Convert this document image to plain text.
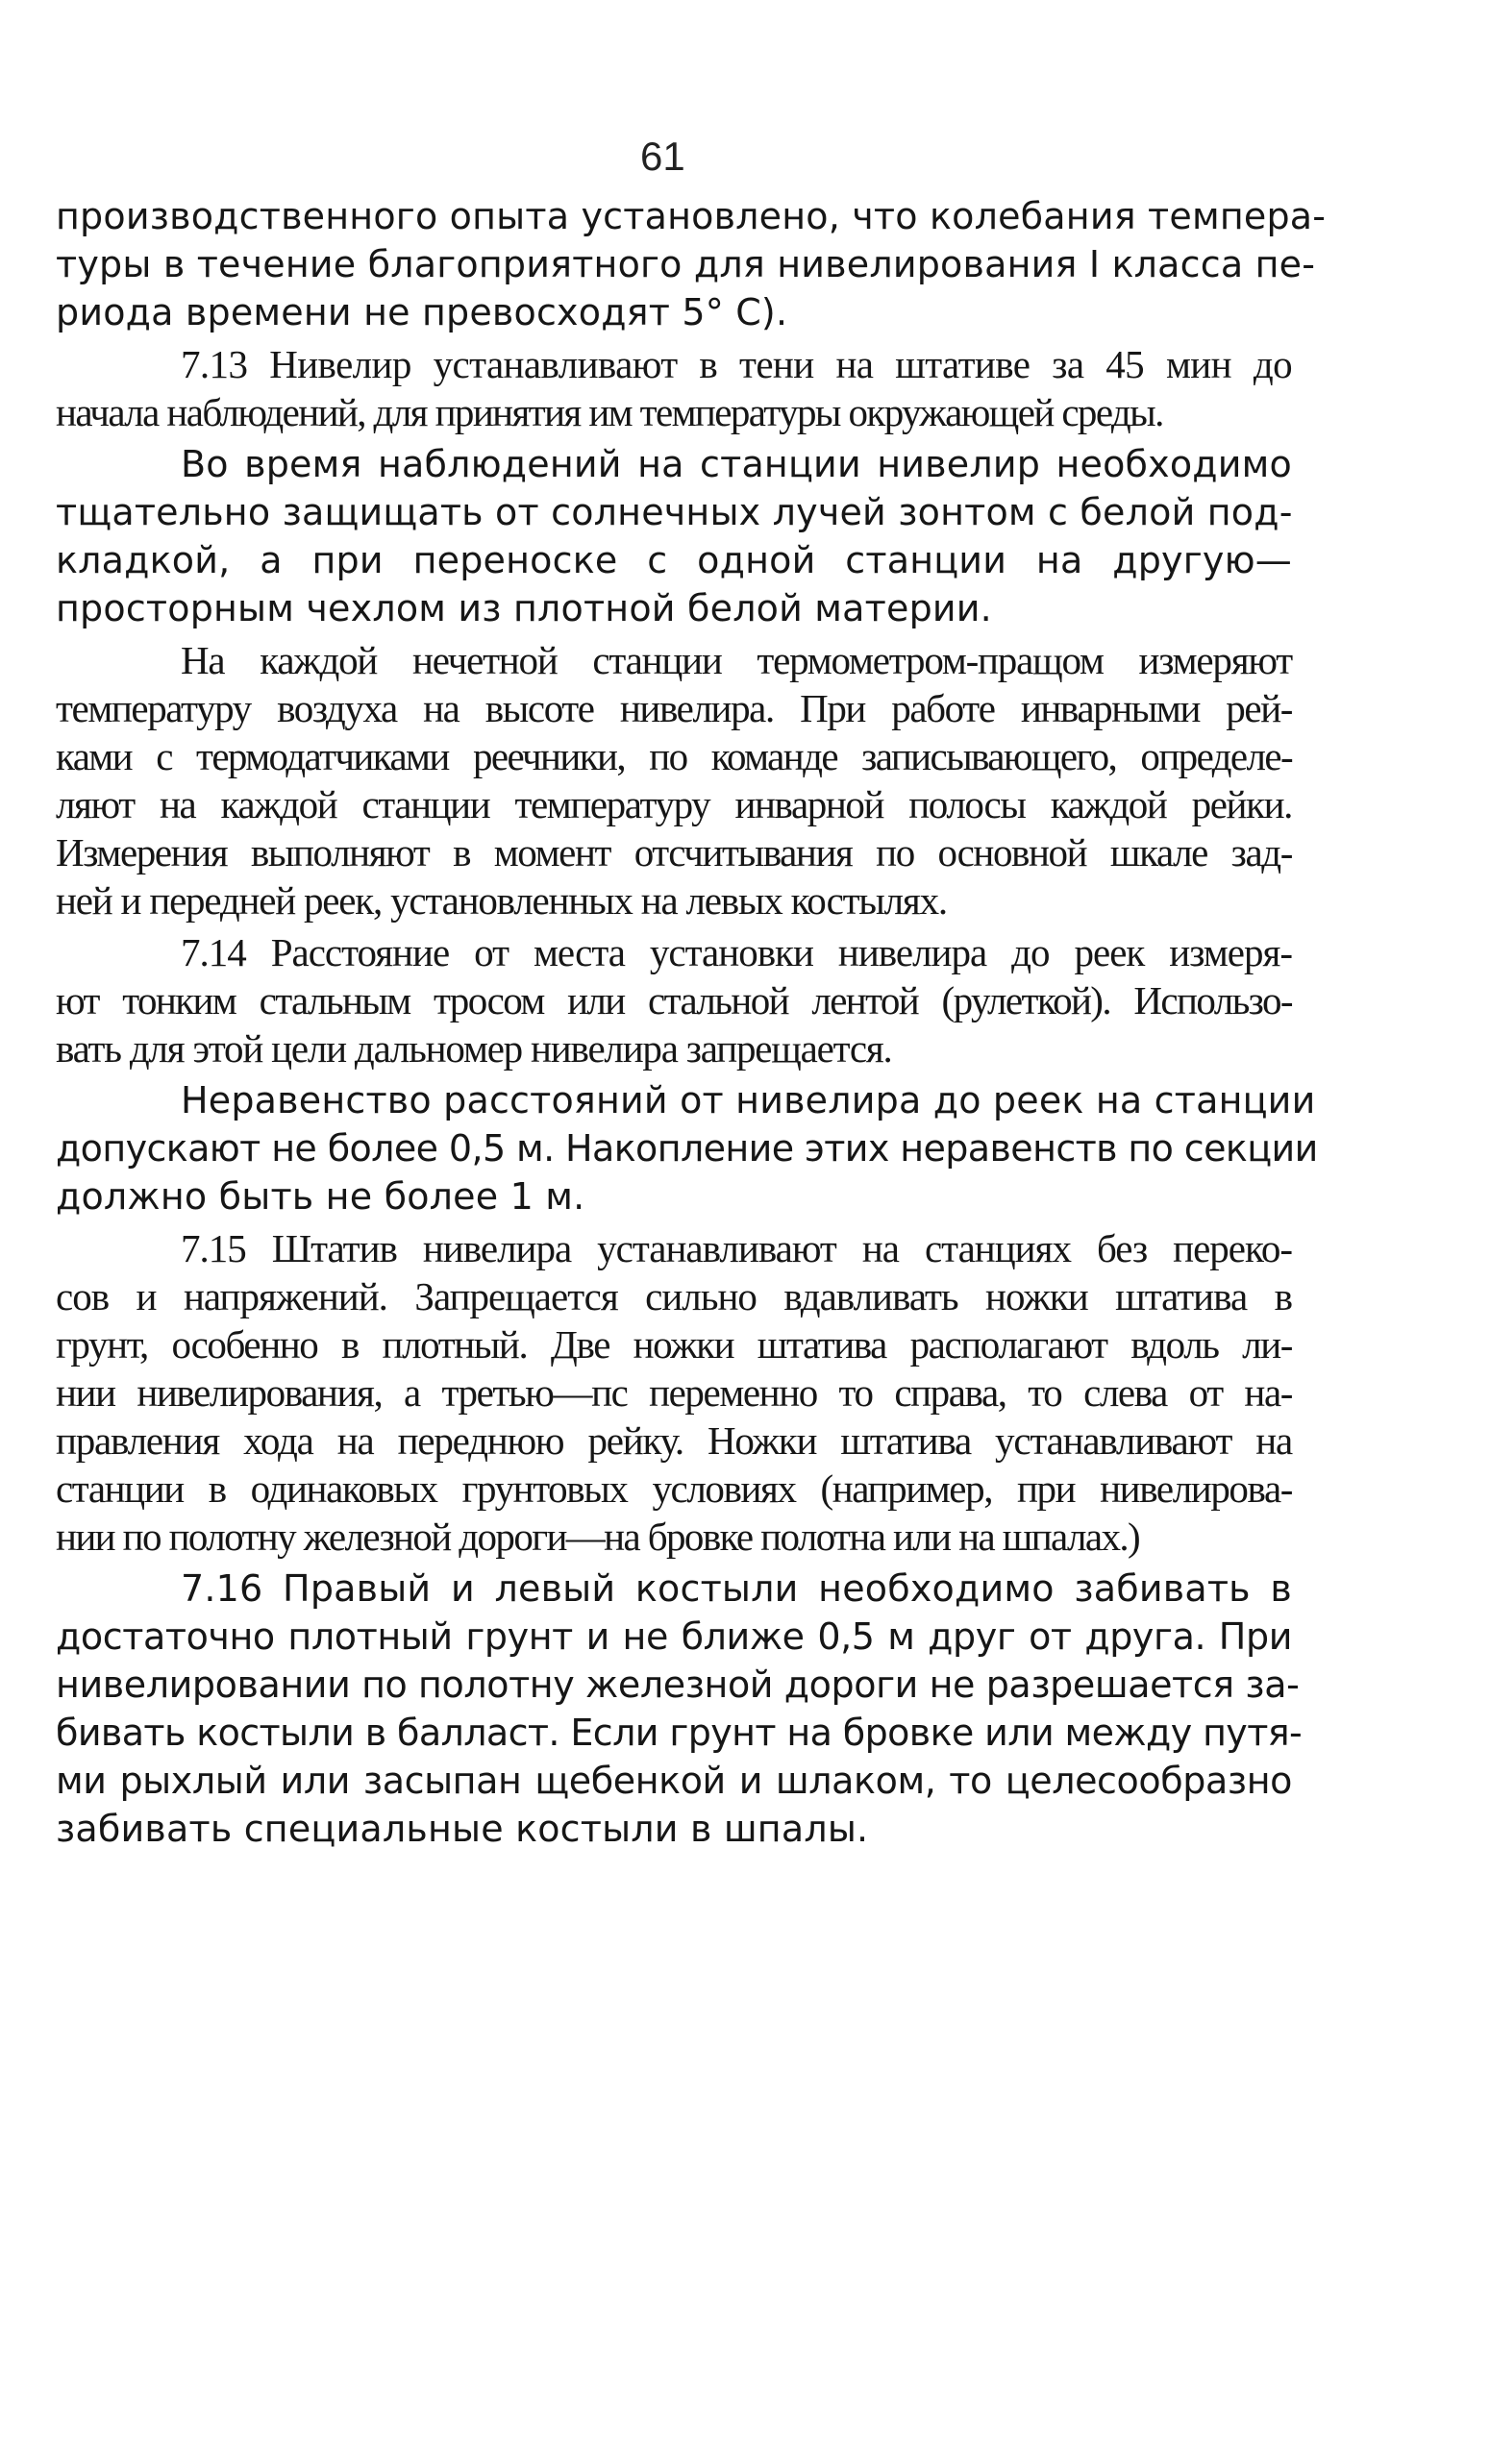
61
производственного опыта установлено, что колебания темпера-
туры в течение благоприятного для нивелирования I класса пе-
риода времени не превосходят 5° С).
7.13 Нивелир устанавливают в тени на штативе за 45 мин до
начала наблюдений, для принятия им температуры окружающей среды.
Во время наблюдений на станции нивелир необходимо
тщательно защищать от солнечных лучей зонтом с белой под-
кладкой, а при переноске с одной станции на другую—
просторным чехлом из плотной белой материи.
На каждой нечетной станции термометром-пращом измеряют
температуру воздуха на высоте нивелира. При работе инварными рей-
ками с термодатчиками реечники, по команде записывающего, определе-
ляют на каждой станции температуру инварной полосы каждой рейки.
Измерения выполняют в момент отсчитывания по основной шкале зад-
ней и передней реек, установленных на левых костылях.
7.14 Расстояние от места установки нивелира до реек измеря-
ют тонким стальным тросом или стальной лентой (рулеткой). Использо-
вать для этой цели дальномер нивелира запрещается.
Неравенство расстояний от нивелира до реек на станции
допускают не более 0,5 м. Накопление этих неравенств по секции
должно быть не более 1 м.
7.15 Штатив нивелира устанавливают на станциях без переко-
сов и напряжений. Запрещается сильно вдавливать ножки штатива в
грунт, особенно в плотный. Две ножки штатива располагают вдоль ли-
нии нивелирования, а третью—пс переменно то справа, то слева от на-
правления хода на переднюю рейку. Ножки штатива устанавливают на
станции в одинаковых грунтовых условиях (например, при нивелирова-
нии по полотну железной дороги—на бровке полотна или на шпалах.)
7.16 Правый и левый костыли необходимо забивать в
достаточно плотный грунт и не ближе 0,5 м друг от друга. При
нивелировании по полотну железной дороги не разрешается за-
бивать костыли в балласт. Если грунт на бровке или между путя-
ми рыхлый или засыпан щебенкой и шлаком, то целесообразно
забивать специальные костыли в шпалы.
